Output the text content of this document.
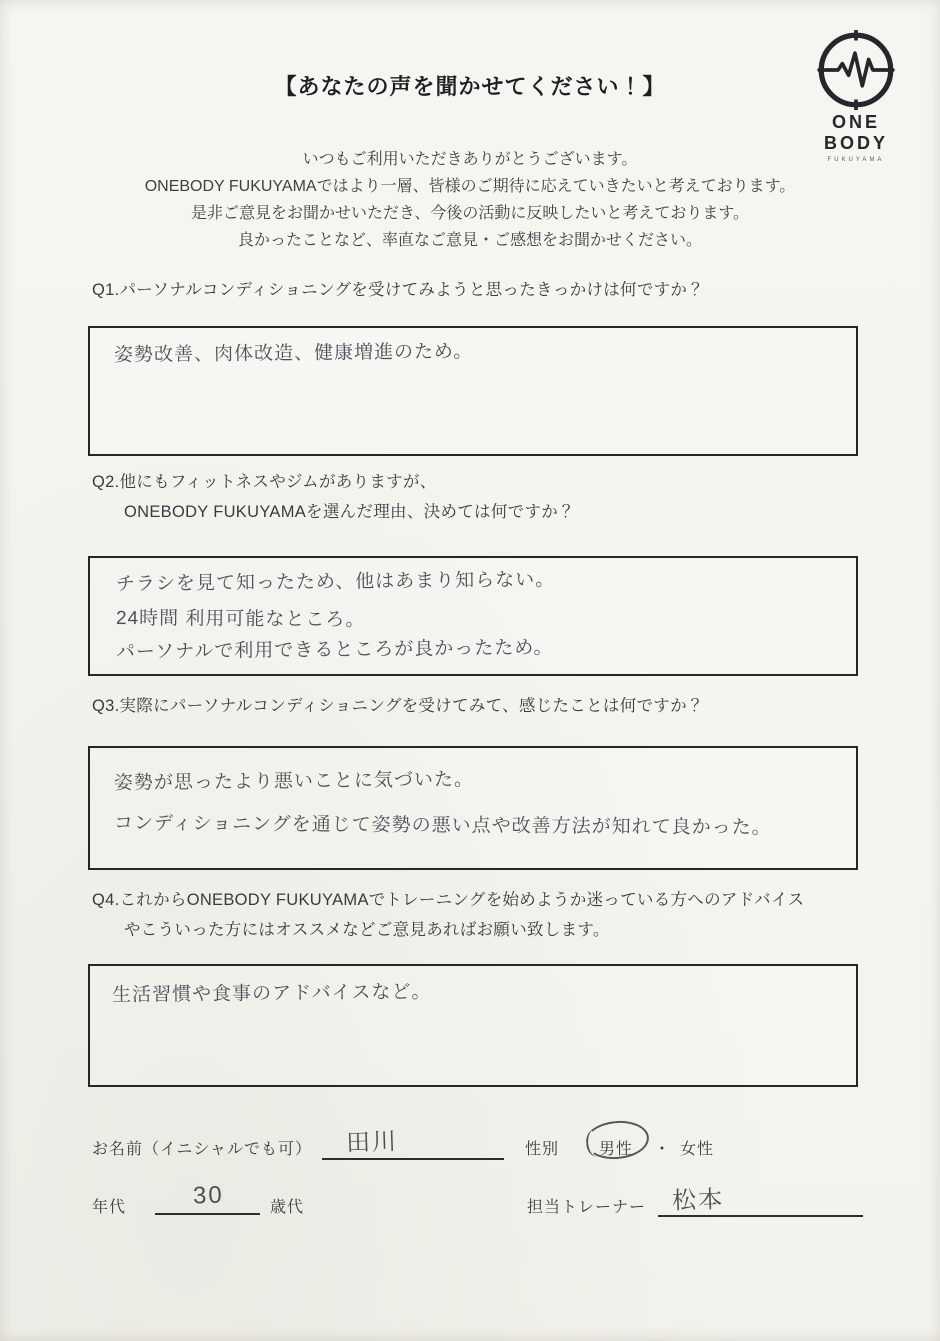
ONE BODY
FUKUYAMA
【あなたの声を聞かせてください！】
いつもご利用いただきありがとうございます。
ONEBODY FUKUYAMAではより一層、皆様のご期待に応えていきたいと考えております。
是非ご意見をお聞かせいただき、今後の活動に反映したいと考えております。
良かったことなど、率直なご意見・ご感想をお聞かせください。
Q1.パーソナルコンディショニングを受けてみようと思ったきっかけは何ですか？
姿勢改善、肉体改造、健康増進のため。
Q2.他にもフィットネスやジムがありますが、
ONEBODY FUKUYAMAを選んだ理由、決めては何ですか？
チラシを見て知ったため、他はあまり知らない。
24時間 利用可能なところ。
パーソナルで利用できるところが良かったため。
Q3.実際にパーソナルコンディショニングを受けてみて、感じたことは何ですか？
姿勢が思ったより悪いことに気づいた。
コンディショニングを通じて姿勢の悪い点や改善方法が知れて良かった。
Q4.これからONEBODY FUKUYAMAでトレーニングを始めようか迷っている方へのアドバイス
やこういった方にはオススメなどご意見あればお願い致します。
生活習慣や食事のアドバイスなど。
お名前（イニシャルでも可） 田川	性別 男性 ・ 女性
年代	30	歳代	担当トレーナー 松本
